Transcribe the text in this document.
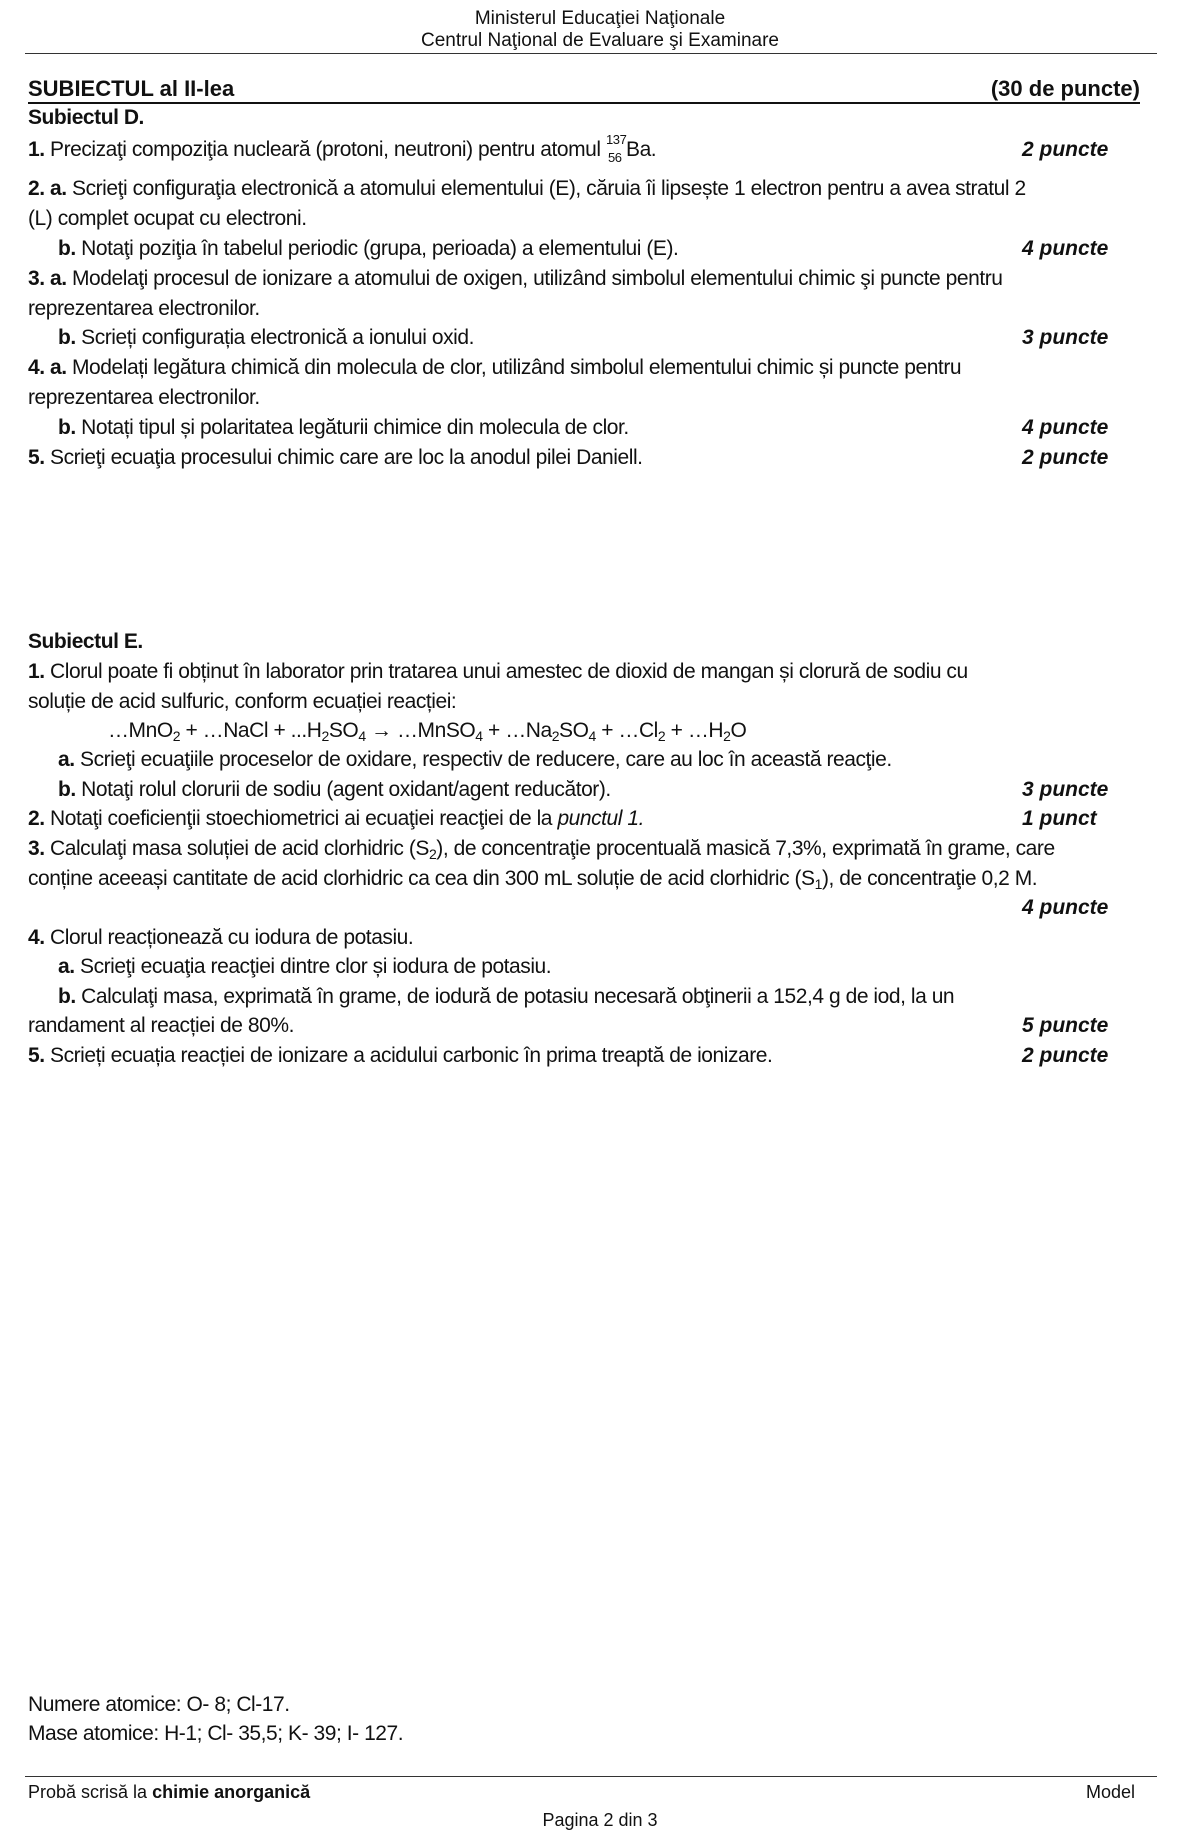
Ministerul Educaţiei Naţionale
Centrul Naţional de Evaluare şi Examinare
SUBIECTUL al II-lea	(30 de puncte)
Subiectul D.
1. Precizaţi compoziţia nucleară (protoni, neutroni) pentru atomul 137
56 Ba.	2 puncte
2. a. Scrieţi configuraţia electronică a atomului elementului (E), căruia îi lipsește 1 electron pentru a avea stratul 2
(L) complet ocupat cu electroni.
b. Notaţi poziţia în tabelul periodic (grupa, perioada) a elementului (E).	4 puncte
3. a. Modelaţi procesul de ionizare a atomului de oxigen, utilizând simbolul elementului chimic şi puncte pentru
reprezentarea electronilor.
b. Scrieți configurația electronică a ionului oxid.	3 puncte
4. a. Modelați legătura chimică din molecula de clor, utilizând simbolul elementului chimic și puncte pentru
reprezentarea electronilor.
b. Notați tipul și polaritatea legăturii chimice din molecula de clor.	4 puncte
5. Scrieţi ecuaţia procesului chimic care are loc la anodul pilei Daniell.	2 puncte
Subiectul E.
1. Clorul poate fi obținut în laborator prin tratarea unui amestec de dioxid de mangan și clorură de sodiu cu
soluție de acid sulfuric, conform ecuației reacției:
…MnO$_2$ + …NaCl + $...H_2SO_4$ → …MnSO$_4$ + $\dots Na_2SO_4$ + $\dots Cl_2$ + $\dots H_2O$
a. Scrieţi ecuaţiile proceselor de oxidare, respectiv de reducere, care au loc în această reacţie.
b. Notaţi rolul clorurii de sodiu (agent oxidant/agent reducător).	3 puncte
2. Notaţi coeficienţii stoechiometrici ai ecuaţiei reacţiei de la punctul 1.	1 punct
3. Calculaţi masa soluției de acid clorhidric $(S_2)$, de concentraţie procentuală masică 7,3%, exprimată în grame, care
conține aceeași cantitate de acid clorhidric ca cea din 300 mL soluție de acid clorhidric $(S_1)$, de concentraţie 0,2 M.
4 puncte
4. Clorul reacționează cu iodura de potasiu.
a. Scrieţi ecuaţia reacţiei dintre clor și iodura de potasiu.
b. Calculaţi masa, exprimată în grame, de iodură de potasiu necesară obţinerii a 152,4 g de iod, la un
randament al reacției de 80%.	5 puncte
5. Scrieți ecuația reacției de ionizare a acidului carbonic în prima treaptă de ionizare.	2 puncte
Numere atomice: O- 8; Cl-17.
Mase atomice: H-1; Cl- 35,5; K- 39; I- 127.
Probă scrisă la chimie anorganică	Model
Pagina 2 din 3
